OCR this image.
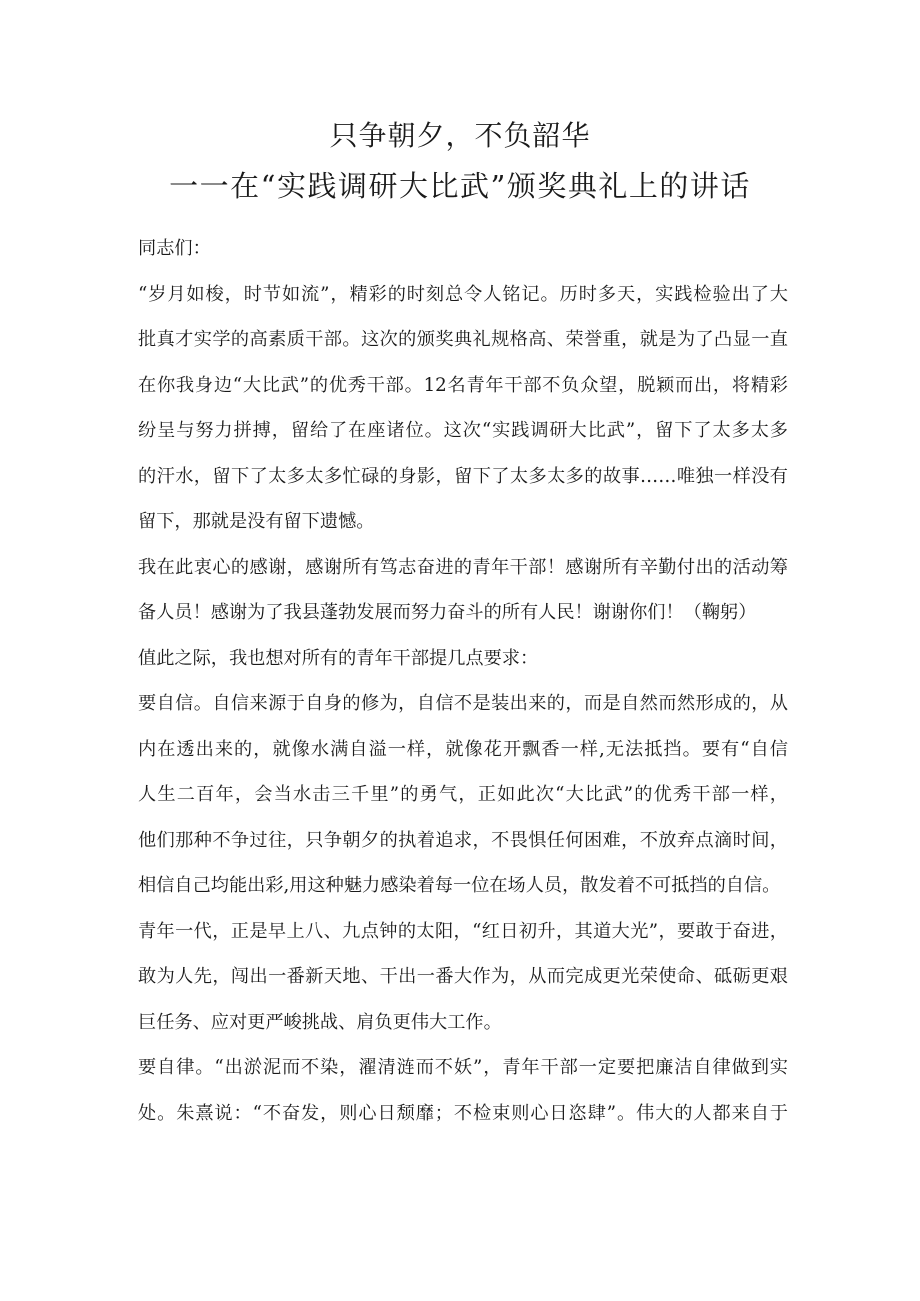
只争朝夕，不负韶华
一一在“实践调研大比武”颁奖典礼上的讲话
同志们：
“岁月如梭，时节如流”，精彩的时刻总令人铭记。历时多天，实践检验出了大
批真才实学的高素质干部。这次的颁奖典礼规格高、荣誉重，就是为了凸显一直
在你我身边“大比武”的优秀干部。12名青年干部不负众望，脱颖而出，将精彩
纷呈与努力拼搏，留给了在座诸位。这次“实践调研大比武”，留下了太多太多
的汗水，留下了太多太多忙碌的身影，留下了太多太多的故事……唯独一样没有
留下，那就是没有留下遗憾。
我在此衷心的感谢，感谢所有笃志奋进的青年干部！感谢所有辛勤付出的活动筹
备人员！感谢为了我县蓬勃发展而努力奋斗的所有人民！谢谢你们！（鞠躬）
值此之际，我也想对所有的青年干部提几点要求：
要自信。自信来源于自身的修为，自信不是装出来的，而是自然而然形成的，从
内在透出来的，就像水满自溢一样，就像花开飘香一样,无法抵挡。要有“自信
人生二百年，会当水击三千里”的勇气，正如此次“大比武”的优秀干部一样，
他们那种不争过往，只争朝夕的执着追求，不畏惧任何困难，不放弃点滴时间，
相信自己均能出彩,用这种魅力感染着每一位在场人员，散发着不可抵挡的自信。
青年一代，正是早上八、九点钟的太阳，“红日初升，其道大光”，要敢于奋进，
敢为人先，闯出一番新天地、干出一番大作为，从而完成更光荣使命、砥砺更艰
巨任务、应对更严峻挑战、肩负更伟大工作。
要自律。“出淤泥而不染，濯清涟而不妖”，青年干部一定要把廉洁自律做到实
处。朱熹说：“不奋发，则心日颓靡；不检束则心日恣肆”。伟大的人都来自于
